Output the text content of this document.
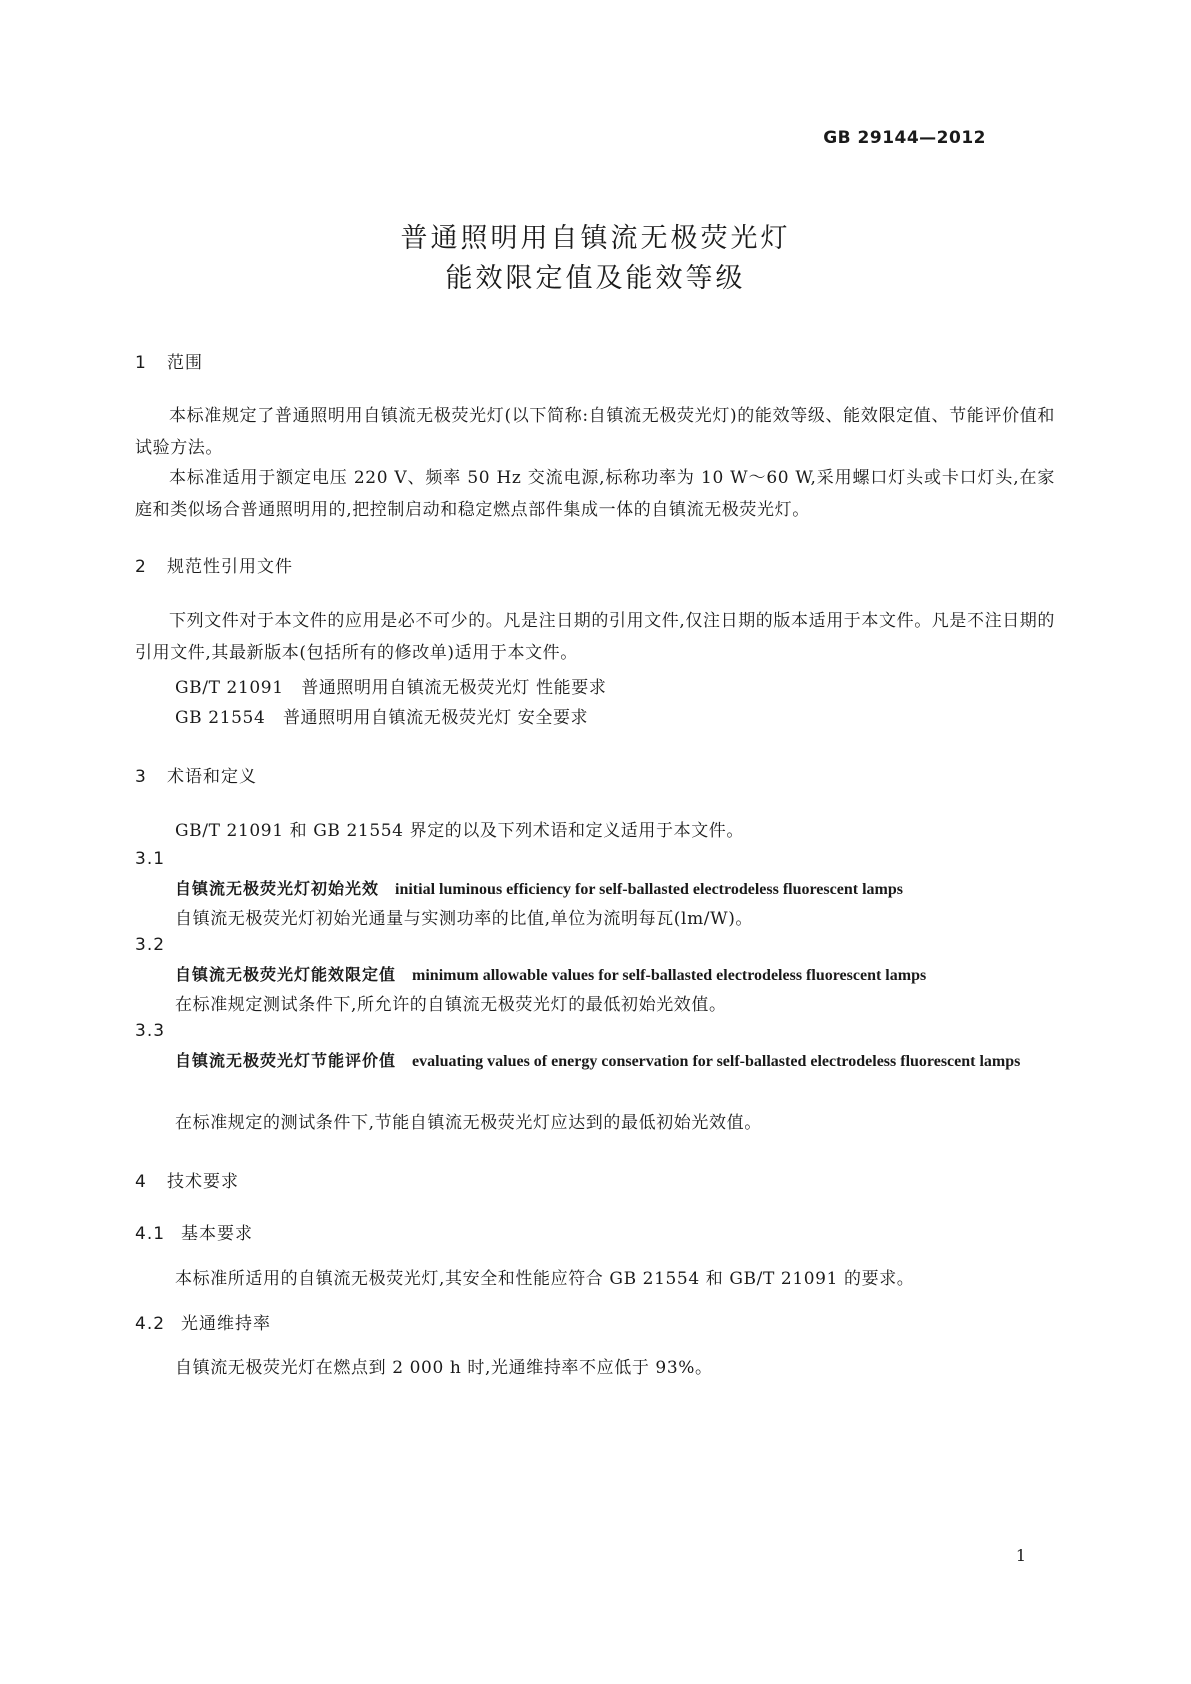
GB 29144—2012
普通照明用自镇流无极荧光灯
能效限定值及能效等级
1 范围
本标准规定了普通照明用自镇流无极荧光灯(以下简称:自镇流无极荧光灯)的能效等级、能效限定值、节能评价值和试验方法。
本标准适用于额定电压 220 V、频率 50 Hz 交流电源,标称功率为 10 W～60 W,采用螺口灯头或卡口灯头,在家庭和类似场合普通照明用的,把控制启动和稳定燃点部件集成一体的自镇流无极荧光灯。
2 规范性引用文件
下列文件对于本文件的应用是必不可少的。凡是注日期的引用文件,仅注日期的版本适用于本文件。凡是不注日期的引用文件,其最新版本(包括所有的修改单)适用于本文件。
GB/T 21091　普通照明用自镇流无极荧光灯 性能要求
GB 21554　普通照明用自镇流无极荧光灯 安全要求
3 术语和定义
GB/T 21091 和 GB 21554 界定的以及下列术语和定义适用于本文件。
3.1
自镇流无极荧光灯初始光效 initial luminous efficiency for self-ballasted electrodeless fluorescent lamps
自镇流无极荧光灯初始光通量与实测功率的比值,单位为流明每瓦(lm/W)。
3.2
自镇流无极荧光灯能效限定值 minimum allowable values for self-ballasted electrodeless fluorescent lamps
在标准规定测试条件下,所允许的自镇流无极荧光灯的最低初始光效值。
3.3
自镇流无极荧光灯节能评价值 evaluating values of energy conservation for self-ballasted electrodeless fluorescent lamps
在标准规定的测试条件下,节能自镇流无极荧光灯应达到的最低初始光效值。
4 技术要求
4.1 基本要求
本标准所适用的自镇流无极荧光灯,其安全和性能应符合 GB 21554 和 GB/T 21091 的要求。
4.2 光通维持率
自镇流无极荧光灯在燃点到 2 000 h 时,光通维持率不应低于 93%。
1
